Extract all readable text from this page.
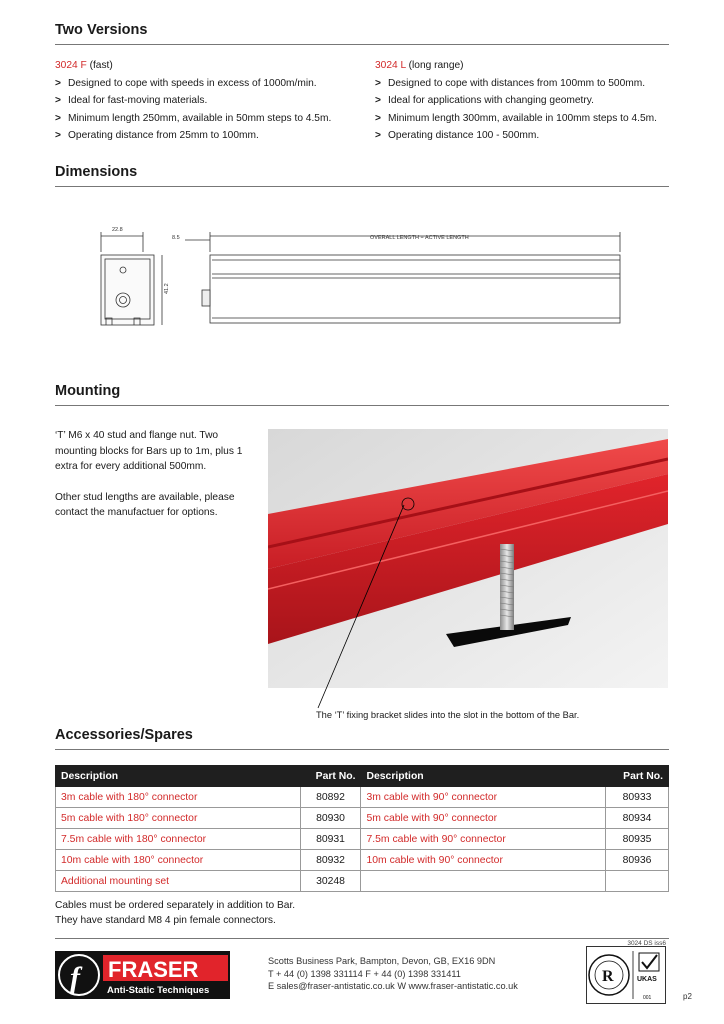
Two Versions
3024 F (fast)
> Designed to cope with speeds in excess of 1000m/min.
> Ideal for fast-moving materials.
> Minimum length 250mm, available in 50mm steps to 4.5m.
> Operating distance from 25mm to 100mm.
3024 L (long range)
> Designed to cope with distances from 100mm to 500mm.
> Ideal for applications with changing geometry.
> Minimum length 300mm, available in 100mm steps to 4.5m.
> Operating distance 100 - 500mm.
Dimensions
22.8
41.2
8.5	OVERALL LENGTH = ACTIVE LENGTH
Mounting

‘T’ M6 x 40 stud and flange nut. Two mounting blocks for Bars up to 1m, plus 1 extra for every additional 500mm.

Other stud lengths are available, please contact the manufactuer for options.

The ‘T’ fixing bracket slides into the slot in the bottom of the Bar.
Accessories/Spares
Description	Part No.	Description	Part No.
3m cable with 180° connector	80892	3m cable with 90° connector	80933
5m cable with 180° connector	80930	5m cable with 90° connector	80934
7.5m cable with 180° connector	80931	7.5m cable with 90° connector	80935
10m cable with 180° connector	80932	10m cable with 90° connector	80936
Additional mounting set	30248		
Cables must be ordered separately in addition to Bar.
They have standard M8 4 pin female connectors.
3024 DS iss6
f FRASER
Anti-Static Techniques
Scotts Business Park, Bampton, Devon, GB, EX16 9DN
T + 44 (0) 1398 331114 F + 44 (0) 1398 331411
E sales@fraser-antistatic.co.uk W www.fraser-antistatic.co.uk
R	UKAS
001	p2
